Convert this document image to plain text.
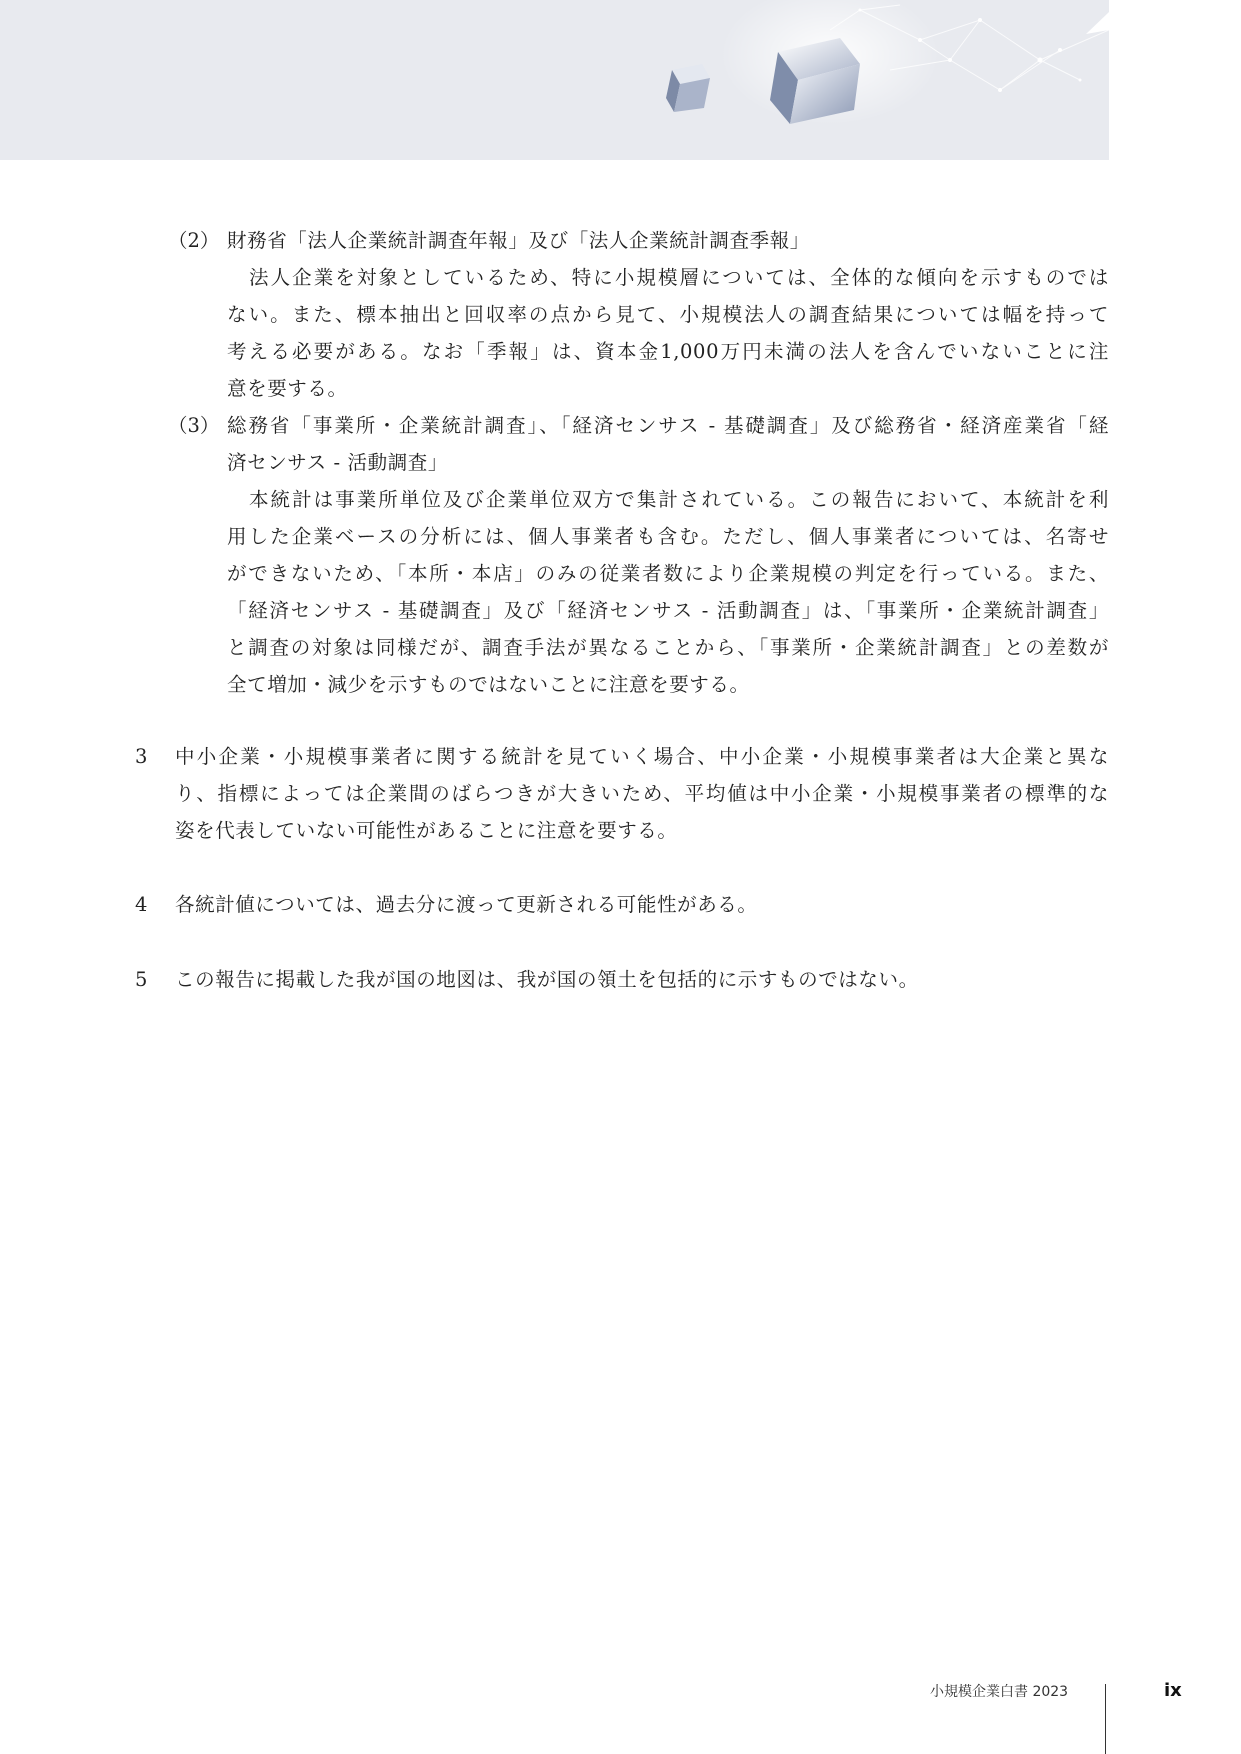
（2） 財務省「法人企業統計調査年報」及び「法人企業統計調査季報」
法人企業を対象としているため、特に小規模層については、全体的な傾向を示すものでは
ない。また、標本抽出と回収率の点から見て、小規模法人の調査結果については幅を持って
考える必要がある。なお「季報」は、資本金1,000万円未満の法人を含んでいないことに注
意を要する。
（3） 総務省「事業所・企業統計調査」、「経済センサス - 基礎調査」及び総務省・経済産業省「経
済センサス - 活動調査」
本統計は事業所単位及び企業単位双方で集計されている。この報告において、本統計を利
用した企業ベースの分析には、個人事業者も含む。ただし、個人事業者については、名寄せ
ができないため、「本所・本店」のみの従業者数により企業規模の判定を行っている。また、
「経済センサス - 基礎調査」及び「経済センサス - 活動調査」は、「事業所・企業統計調査」
と調査の対象は同様だが、調査手法が異なることから、「事業所・企業統計調査」との差数が
全て増加・減少を示すものではないことに注意を要する。
3 中小企業・小規模事業者に関する統計を見ていく場合、中小企業・小規模事業者は大企業と異な
り、指標によっては企業間のばらつきが大きいため、平均値は中小企業・小規模事業者の標準的な
姿を代表していない可能性があることに注意を要する。
4 各統計値については、過去分に渡って更新される可能性がある。
5 この報告に掲載した我が国の地図は、我が国の領土を包括的に示すものではない。
小規模企業白書 2023	ix
